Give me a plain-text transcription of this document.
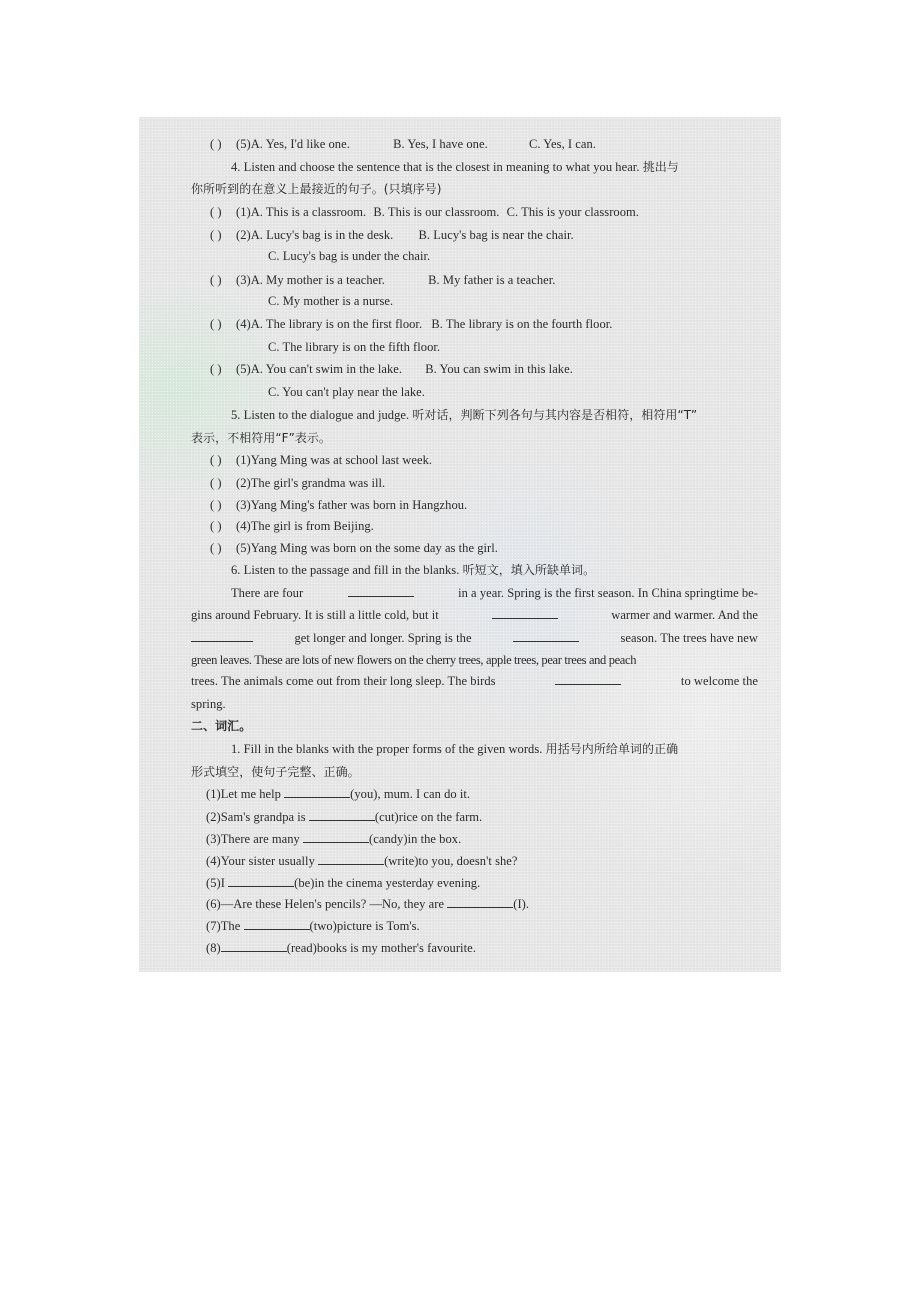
( ) (5)A. Yes, I'd like one.	B. Yes, I have one.	C. Yes, I can.
4. Listen and choose the sentence that is the closest in meaning to what you hear. 挑出与
你所听到的在意义上最接近的句子。(只填序号)
( ) (1)A. This is a classroom. B. This is our classroom. C. This is your classroom.
( ) (2)A. Lucy's bag is in the desk. B. Lucy's bag is near the chair.
C. Lucy's bag is under the chair.
( ) (3)A. My mother is a teacher.	B. My father is a teacher.
C. My mother is a nurse.
( ) (4)A. The library is on the first floor. B. The library is on the fourth floor.
C. The library is on the fifth floor.
( ) (5)A. You can't swim in the lake. B. You can swim in this lake.
C. You can't play near the lake.
5. Listen to the dialogue and judge. 听对话，判断下列各句与其内容是否相符，相符用“T”
表示，不相符用“F”表示。
( ) (1)Yang Ming was at school last week.
( ) (2)The girl's grandma was ill.
( ) (3)Yang Ming's father was born in Hangzhou.
( ) (4)The girl is from Beijing.
( ) (5)Yang Ming was born on the some day as the girl.
6. Listen to the passage and fill in the blanks. 听短文，填入所缺单词。
There are four	in a year. Spring is the first season. In China springtime be-
gins around February. It is still a little cold, but it	warmer and warmer. And the
get longer and longer. Spring is the	season. The trees have new
green leaves. These are lots of new flowers on the cherry trees, apple trees, pear trees and peach
trees. The animals come out from their long sleep. The birds	to welcome the
spring.
二、词汇。
1. Fill in the blanks with the proper forms of the given words. 用括号内所给单词的正确
形式填空，使句子完整、正确。
(1)Let me help	(you), mum. I can do it.
(2)Sam's grandpa is	(cut)rice on the farm.
(3)There are many	(candy)in the box.
(4)Your sister usually	(write)to you, doesn't she?
(5)I	(be)in the cinema yesterday evening.
(6)—Are these Helen's pencils? —No, they are	(I).
(7)The	(two)picture is Tom's.
(8)	(read)books is my mother's favourite.
